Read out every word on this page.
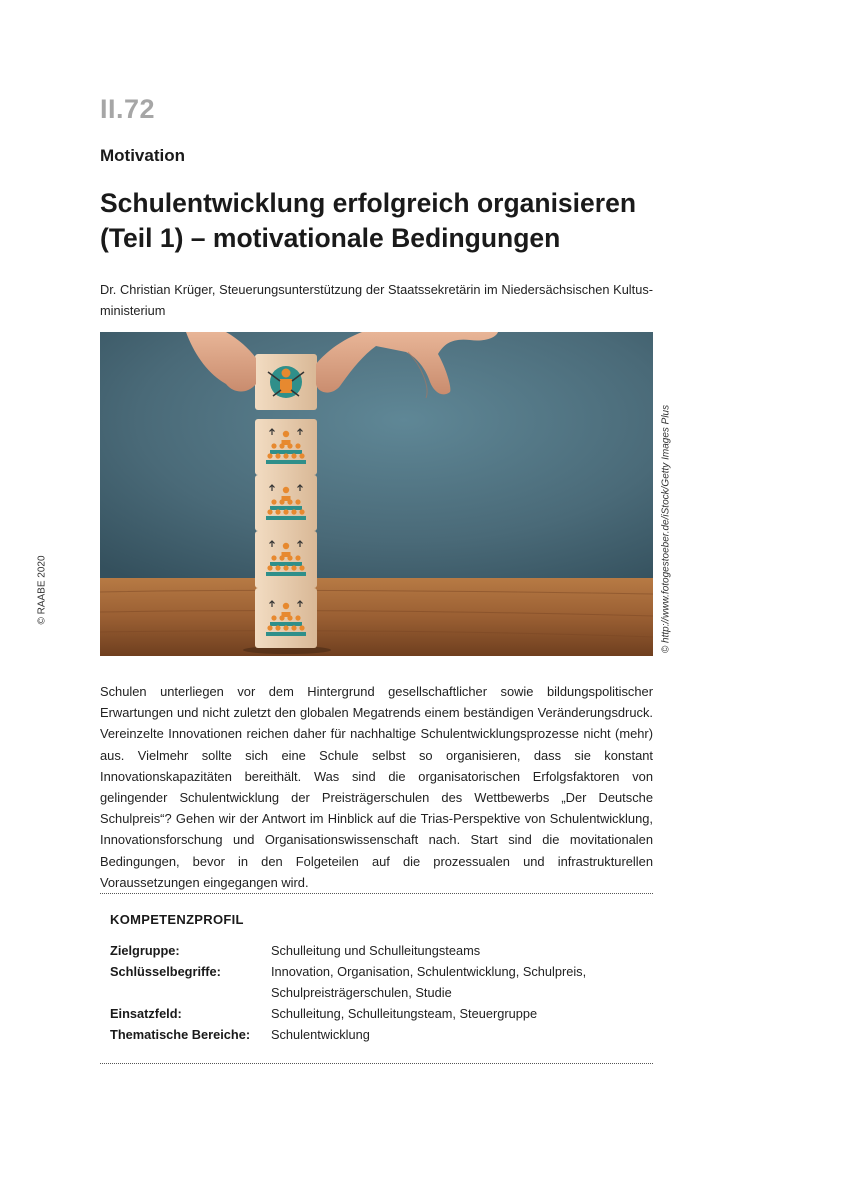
II.72
Motivation
Schulentwicklung erfolgreich organisieren
(Teil 1) – motivationale Bedingungen
Dr. Christian Krüger, Steuerungsunterstützung der Staatssekretärin im Niedersächsischen Kultusministerium
© RAABE 2020	© http://www.fotogestoeber.de/iStock/Getty Images Plus

Schulen unterliegen vor dem Hintergrund gesellschaftlicher sowie bildungspolitischer Erwartungen und nicht zuletzt den globalen Megatrends einem beständigen Veränderungsdruck. Vereinzelte Innovationen reichen daher für nachhaltige Schulentwicklungsprozesse nicht (mehr) aus. Vielmehr sollte sich eine Schule selbst so organisieren, dass sie konstant Innovationskapazitäten bereithält. Was sind die organisatorischen Erfolgsfaktoren von gelingender Schulentwicklung der Preisträgerschulen des Wettbewerbs „Der Deutsche Schulpreis“? Gehen wir der Antwort im Hinblick auf die Trias-Perspektive von Schulentwicklung, Innovationsforschung und Organisationswissenschaft nach. Start sind die movitationalen Bedingungen, bevor in den Folgeteilen auf die prozessualen und infrastrukturellen Voraussetzungen eingegangen wird.

KOMPETENZPROFIL
Zielgruppe:	Schulleitung und Schulleitungsteams
Schlüsselbegriffe:	Innovation, Organisation, Schulentwicklung, Schulpreis, Schulpreisträgerschulen, Studie
Einsatzfeld:	Schulleitung, Schulleitungsteam, Steuergruppe
Thematische Bereiche:	Schulentwicklung
